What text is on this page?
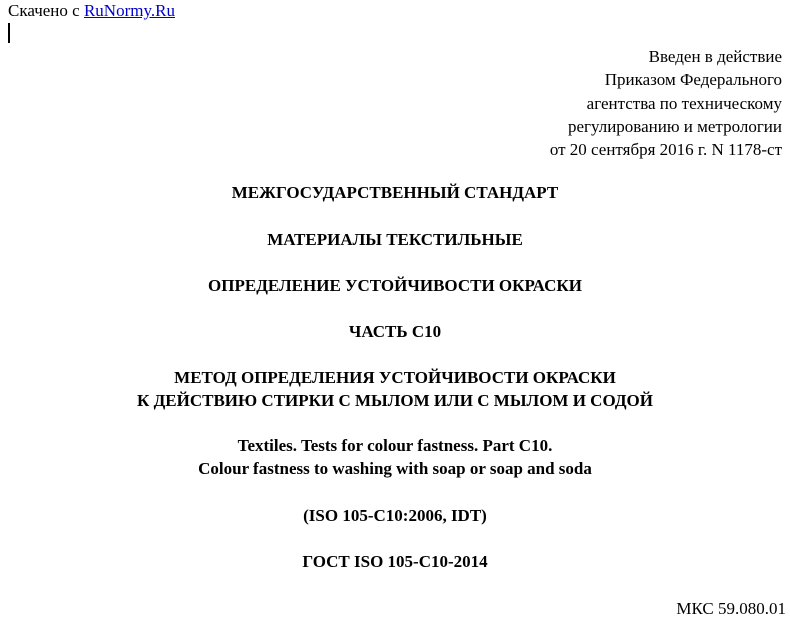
Скачено с RuNormy.Ru
Введен в действие
Приказом Федерального
агентства по техническому
регулированию и метрологии
от 20 сентября 2016 г. N 1178-ст
МЕЖГОСУДАРСТВЕННЫЙ СТАНДАРТ
МАТЕРИАЛЫ ТЕКСТИЛЬНЫЕ
ОПРЕДЕЛЕНИЕ УСТОЙЧИВОСТИ ОКРАСКИ
ЧАСТЬ C10
МЕТОД ОПРЕДЕЛЕНИЯ УСТОЙЧИВОСТИ ОКРАСКИ
К ДЕЙСТВИЮ СТИРКИ С МЫЛОМ ИЛИ С МЫЛОМ И СОДОЙ
Textiles. Tests for colour fastness. Part C10.
Colour fastness to washing with soap or soap and soda
(ISO 105-C10:2006, IDT)
ГОСТ ISO 105-C10-2014
МКС 59.080.01
